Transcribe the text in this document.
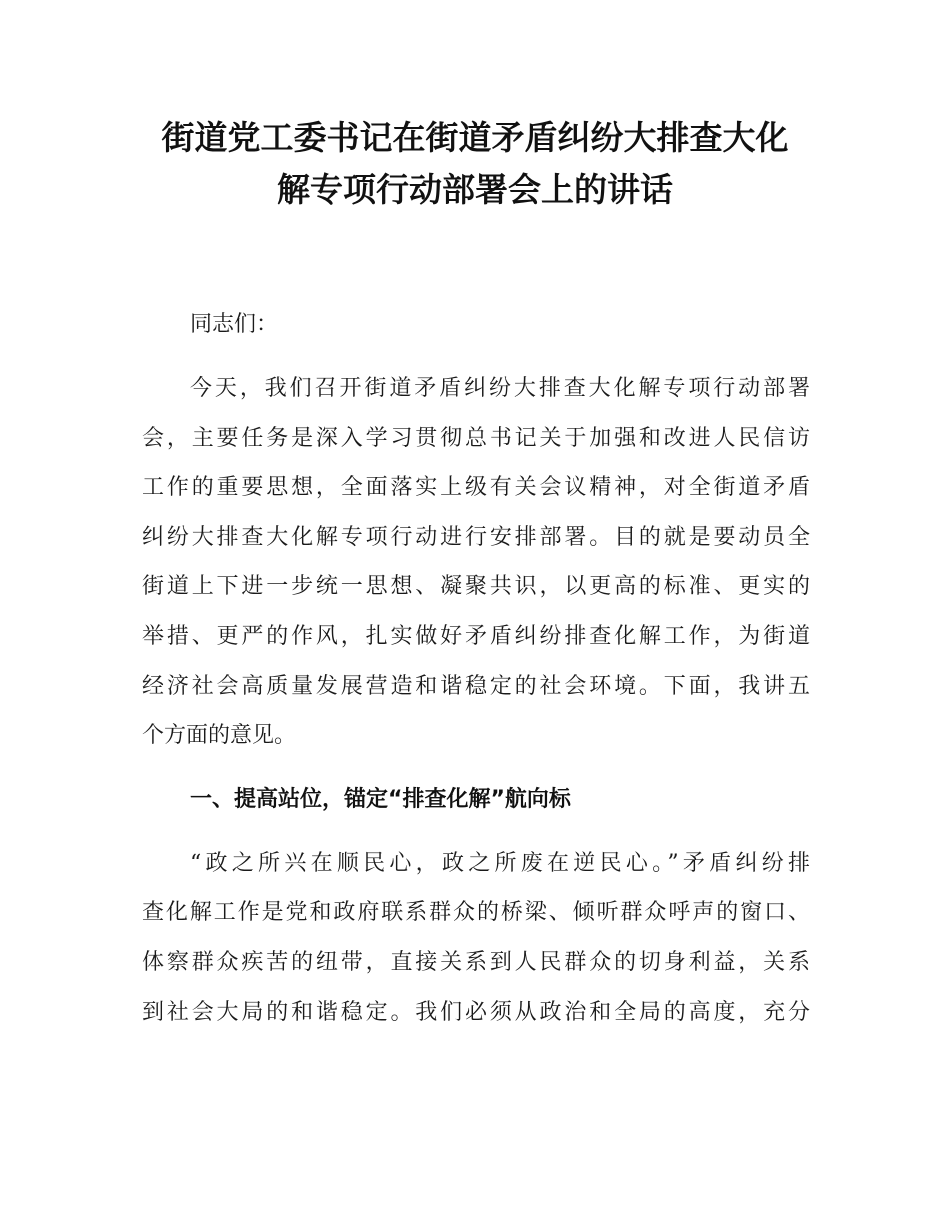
街道党工委书记在街道矛盾纠纷大排查大化
解专项行动部署会上的讲话
同志们：
今天，我们召开街道矛盾纠纷大排查大化解专项行动部署
会，主要任务是深入学习贯彻总书记关于加强和改进人民信访
工作的重要思想，全面落实上级有关会议精神，对全街道矛盾
纠纷大排查大化解专项行动进行安排部署。目的就是要动员全
街道上下进一步统一思想、凝聚共识，以更高的标准、更实的
举措、更严的作风，扎实做好矛盾纠纷排查化解工作，为街道
经济社会高质量发展营造和谐稳定的社会环境。下面，我讲五
个方面的意见。
一、提高站位，锚定“排查化解”航向标
“政之所兴在顺民心，政之所废在逆民心。”矛盾纠纷排
查化解工作是党和政府联系群众的桥梁、倾听群众呼声的窗口、
体察群众疾苦的纽带，直接关系到人民群众的切身利益，关系
到社会大局的和谐稳定。我们必须从政治和全局的高度，充分
